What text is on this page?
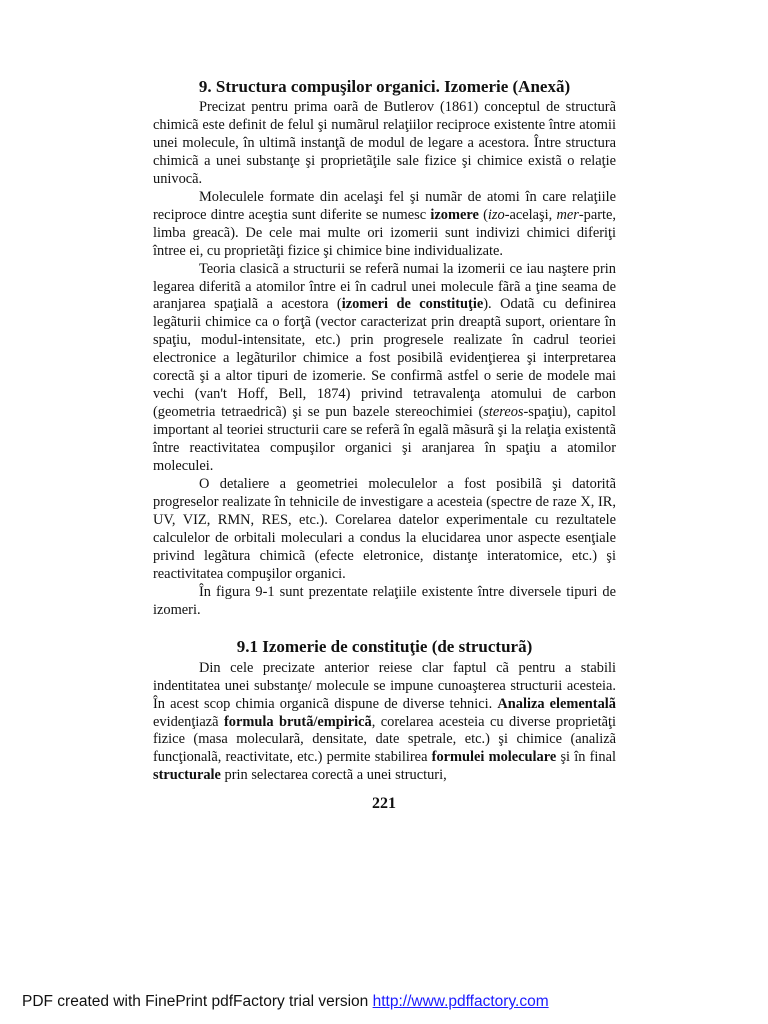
9. Structura compuşilor organici. Izomerie (Anexã)

Precizat pentru prima oarã de Butlerov (1861) conceptul de structurã chimicã este definit de felul şi numãrul relaţiilor reciproce existente între atomii unei molecule, în ultimã instanţã de modul de legare a acestora. Între structura chimicã a unei substanţe şi proprietãţile sale fizice şi chimice existã o relaţie univocã.

Moleculele formate din acelaşi fel şi numãr de atomi în care relaţiile reciproce dintre aceştia sunt diferite se numesc izomere (izo-acelaşi, mer-parte, limba greacã). De cele mai multe ori izomerii sunt indivizi chimici diferiţi întree ei, cu proprietãţi fizice şi chimice bine individualizate.

Teoria clasicã a structurii se referã numai la izomerii ce iau naştere prin legarea diferitã a atomilor între ei în cadrul unei molecule fãrã a ţine seama de aranjarea spaţialã a acestora (izomeri de constituţie). Odatã cu definirea legãturii chimice ca o forţã (vector caracterizat prin dreaptã suport, orientare în spaţiu, modul-intensitate, etc.) prin progresele realizate în cadrul teoriei electronice a legãturilor chimice a fost posibilã evidenţierea şi interpretarea corectã şi a altor tipuri de izomerie. Se confirmã astfel o serie de modele mai vechi (van't Hoff, Bell, 1874) privind tetravalenţa atomului de carbon (geometria tetraedricã) şi se pun bazele stereochimiei (stereos-spaţiu), capitol important al teoriei structurii care se referã în egalã mãsurã şi la relaţia existentã între reactivitatea compuşilor organici şi aranjarea în spaţiu a atomilor moleculei.

O detaliere a geometriei moleculelor a fost posibilã şi datoritã progreselor realizate în tehnicile de investigare a acesteia (spectre de raze X, IR, UV, VIZ, RMN, RES, etc.). Corelarea datelor experimentale cu rezultatele calculelor de orbitali moleculari a condus la elucidarea unor aspecte esenţiale privind legãtura chimicã (efecte eletronice, distanţe interatomice, etc.) şi reactivitatea compuşilor organici.

În figura 9-1 sunt prezentate relaţiile existente între diversele tipuri de izomeri.

9.1 Izomerie de constituţie (de structurã)

Din cele precizate anterior reiese clar faptul cã pentru a stabili indentitatea unei substanţe/ molecule se impune cunoaşterea structurii acesteia. În acest scop chimia organicã dispune de diverse tehnici. Analiza elementalã evidenţiazã formula brutã/empiricã, corelarea acesteia cu diverse proprietãţi fizice (masa molecularã, densitate, date spetrale, etc.) şi chimice (analizã funcţionalã, reactivitate, etc.) permite stabilirea formulei moleculare şi în final structurale prin selectarea corectã a unei structuri,

221
PDF created with FinePrint pdfFactory trial version http://www.pdffactory.com
